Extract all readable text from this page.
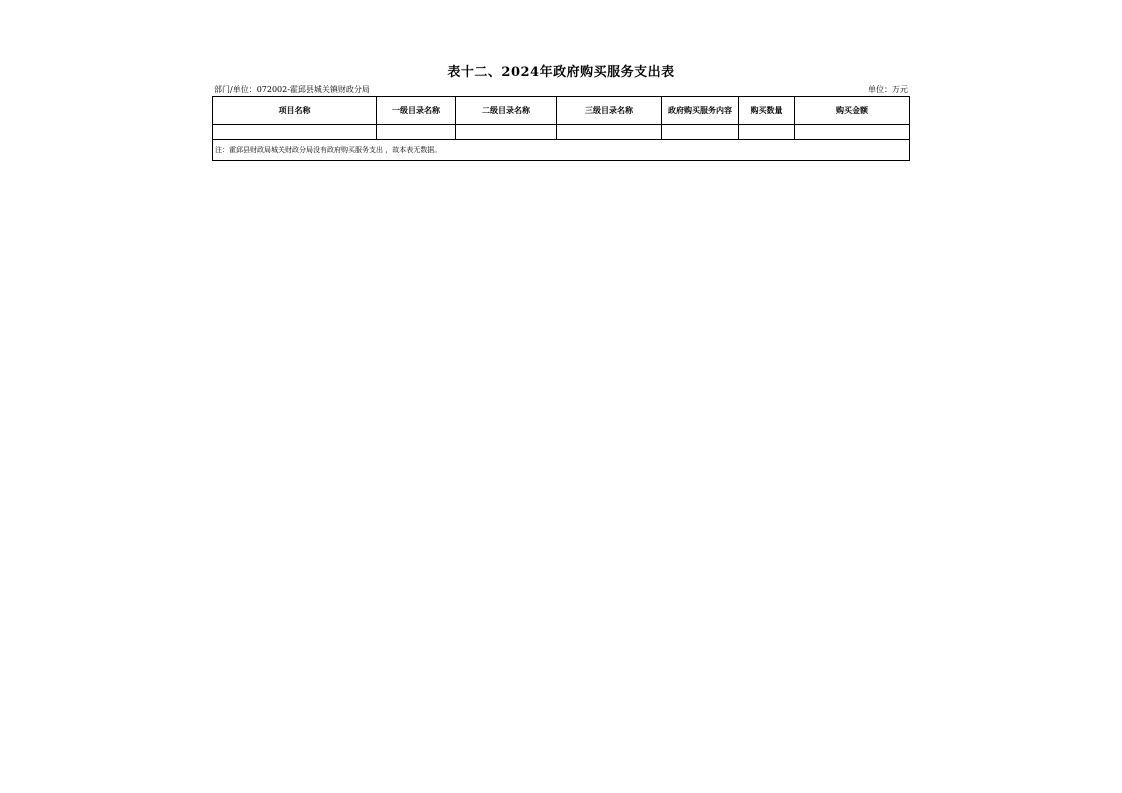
表十二、2024年政府购买服务支出表
部门/单位：072002-霍邱县城关镇财政分局	单位：万元
项目名称	一级目录名称	二级目录名称	三级目录名称	政府购买服务内容	购买数量	购买金额

注：霍邱县财政局城关财政分局没有政府购买服务支出 ，故本表无数据。						
